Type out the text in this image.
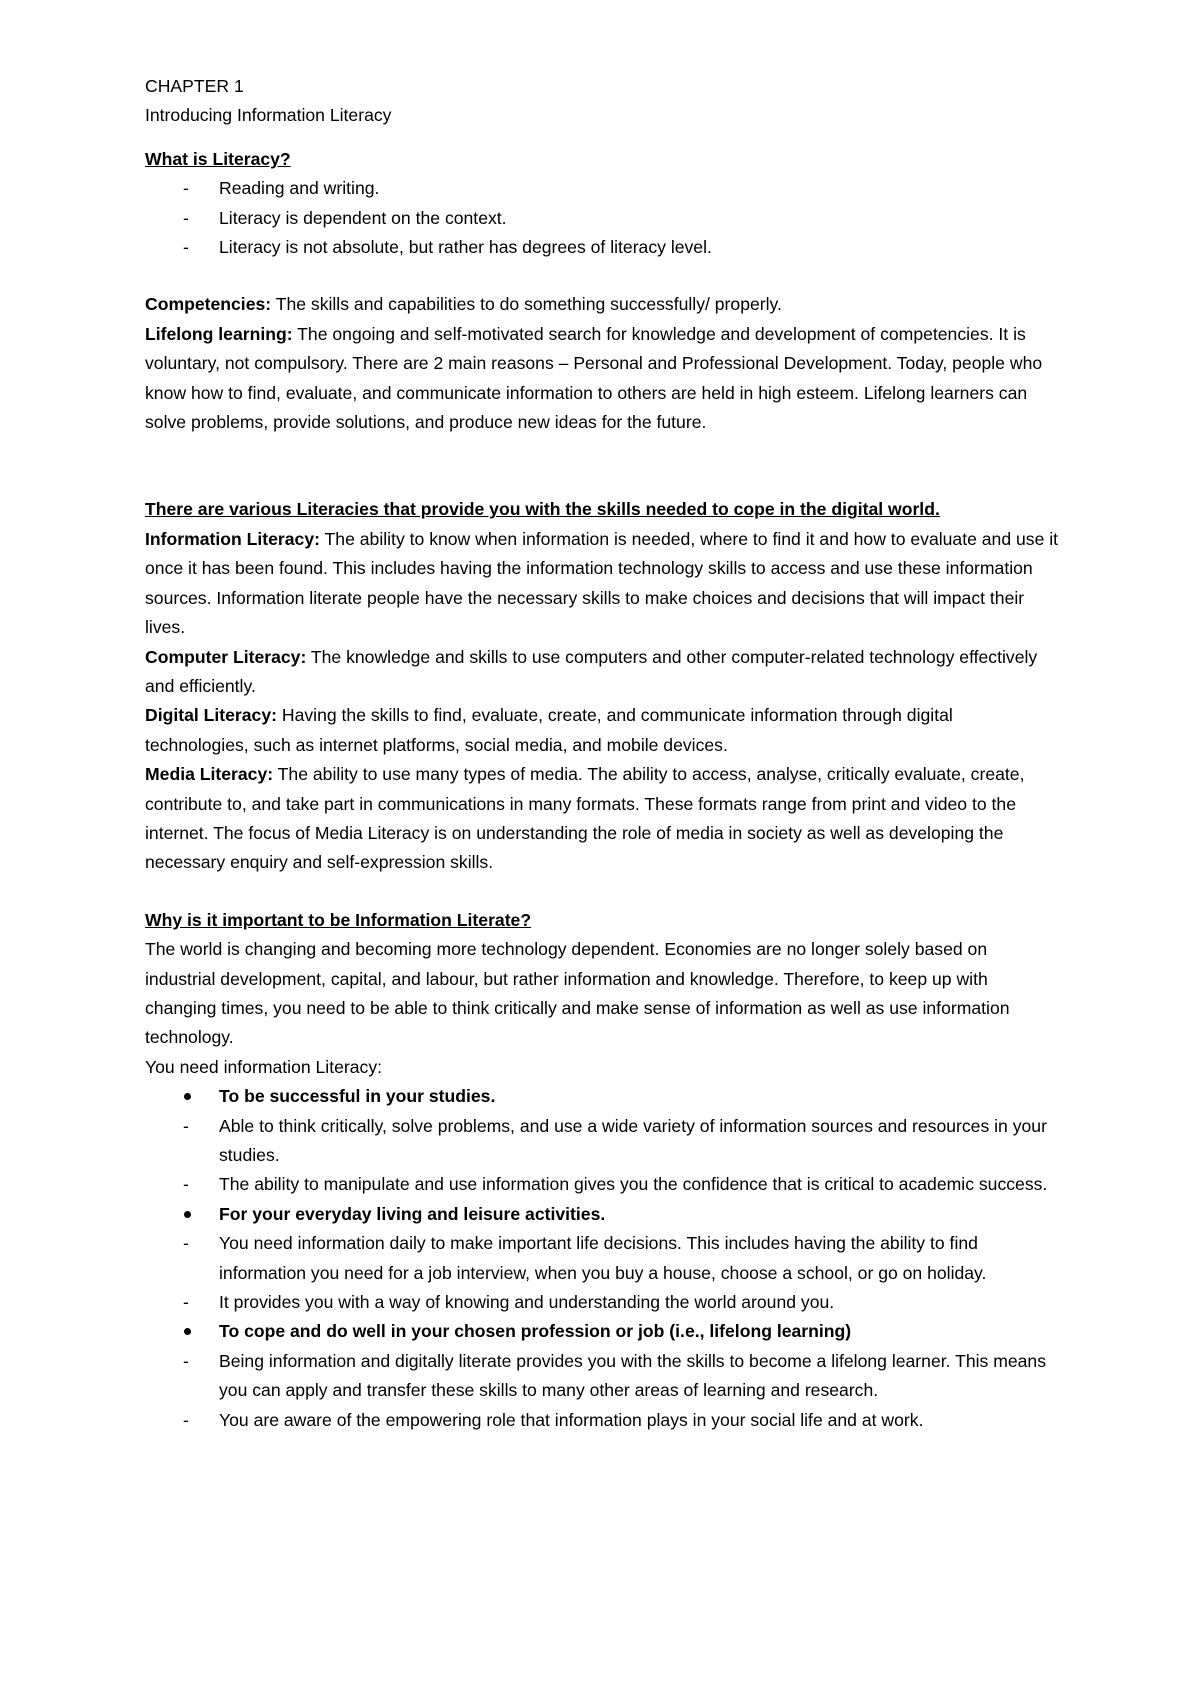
CHAPTER 1

Introducing Information Literacy

What is Literacy?

- Reading and writing.
- Literacy is dependent on the context.
- Literacy is not absolute, but rather has degrees of literacy level.

Competencies: The skills and capabilities to do something successfully/ properly.

Lifelong learning: The ongoing and self-motivated search for knowledge and development of competencies. It is voluntary, not compulsory. There are 2 main reasons – Personal and Professional Development. Today, people who know how to find, evaluate, and communicate information to others are held in high esteem. Lifelong learners can solve problems, provide solutions, and produce new ideas for the future.

There are various Literacies that provide you with the skills needed to cope in the digital world.

Information Literacy: The ability to know when information is needed, where to find it and how to evaluate and use it once it has been found. This includes having the information technology skills to access and use these information sources. Information literate people have the necessary skills to make choices and decisions that will impact their lives.

Computer Literacy: The knowledge and skills to use computers and other computer-related technology effectively and efficiently.

Digital Literacy: Having the skills to find, evaluate, create, and communicate information through digital technologies, such as internet platforms, social media, and mobile devices.

Media Literacy: The ability to use many types of media. The ability to access, analyse, critically evaluate, create, contribute to, and take part in communications in many formats. These formats range from print and video to the internet. The focus of Media Literacy is on understanding the role of media in society as well as developing the necessary enquiry and self-expression skills.

Why is it important to be Information Literate?

The world is changing and becoming more technology dependent. Economies are no longer solely based on industrial development, capital, and labour, but rather information and knowledge. Therefore, to keep up with changing times, you need to be able to think critically and make sense of information as well as use information technology.

You need information Literacy:

To be successful in your studies.
- Able to think critically, solve problems, and use a wide variety of information sources and resources in your studies.
- The ability to manipulate and use information gives you the confidence that is critical to academic success.
For your everyday living and leisure activities.
- You need information daily to make important life decisions. This includes having the ability to find information you need for a job interview, when you buy a house, choose a school, or go on holiday.
- It provides you with a way of knowing and understanding the world around you.
To cope and do well in your chosen profession or job (i.e., lifelong learning)
- Being information and digitally literate provides you with the skills to become a lifelong learner. This means you can apply and transfer these skills to many other areas of learning and research.
- You are aware of the empowering role that information plays in your social life and at work.
